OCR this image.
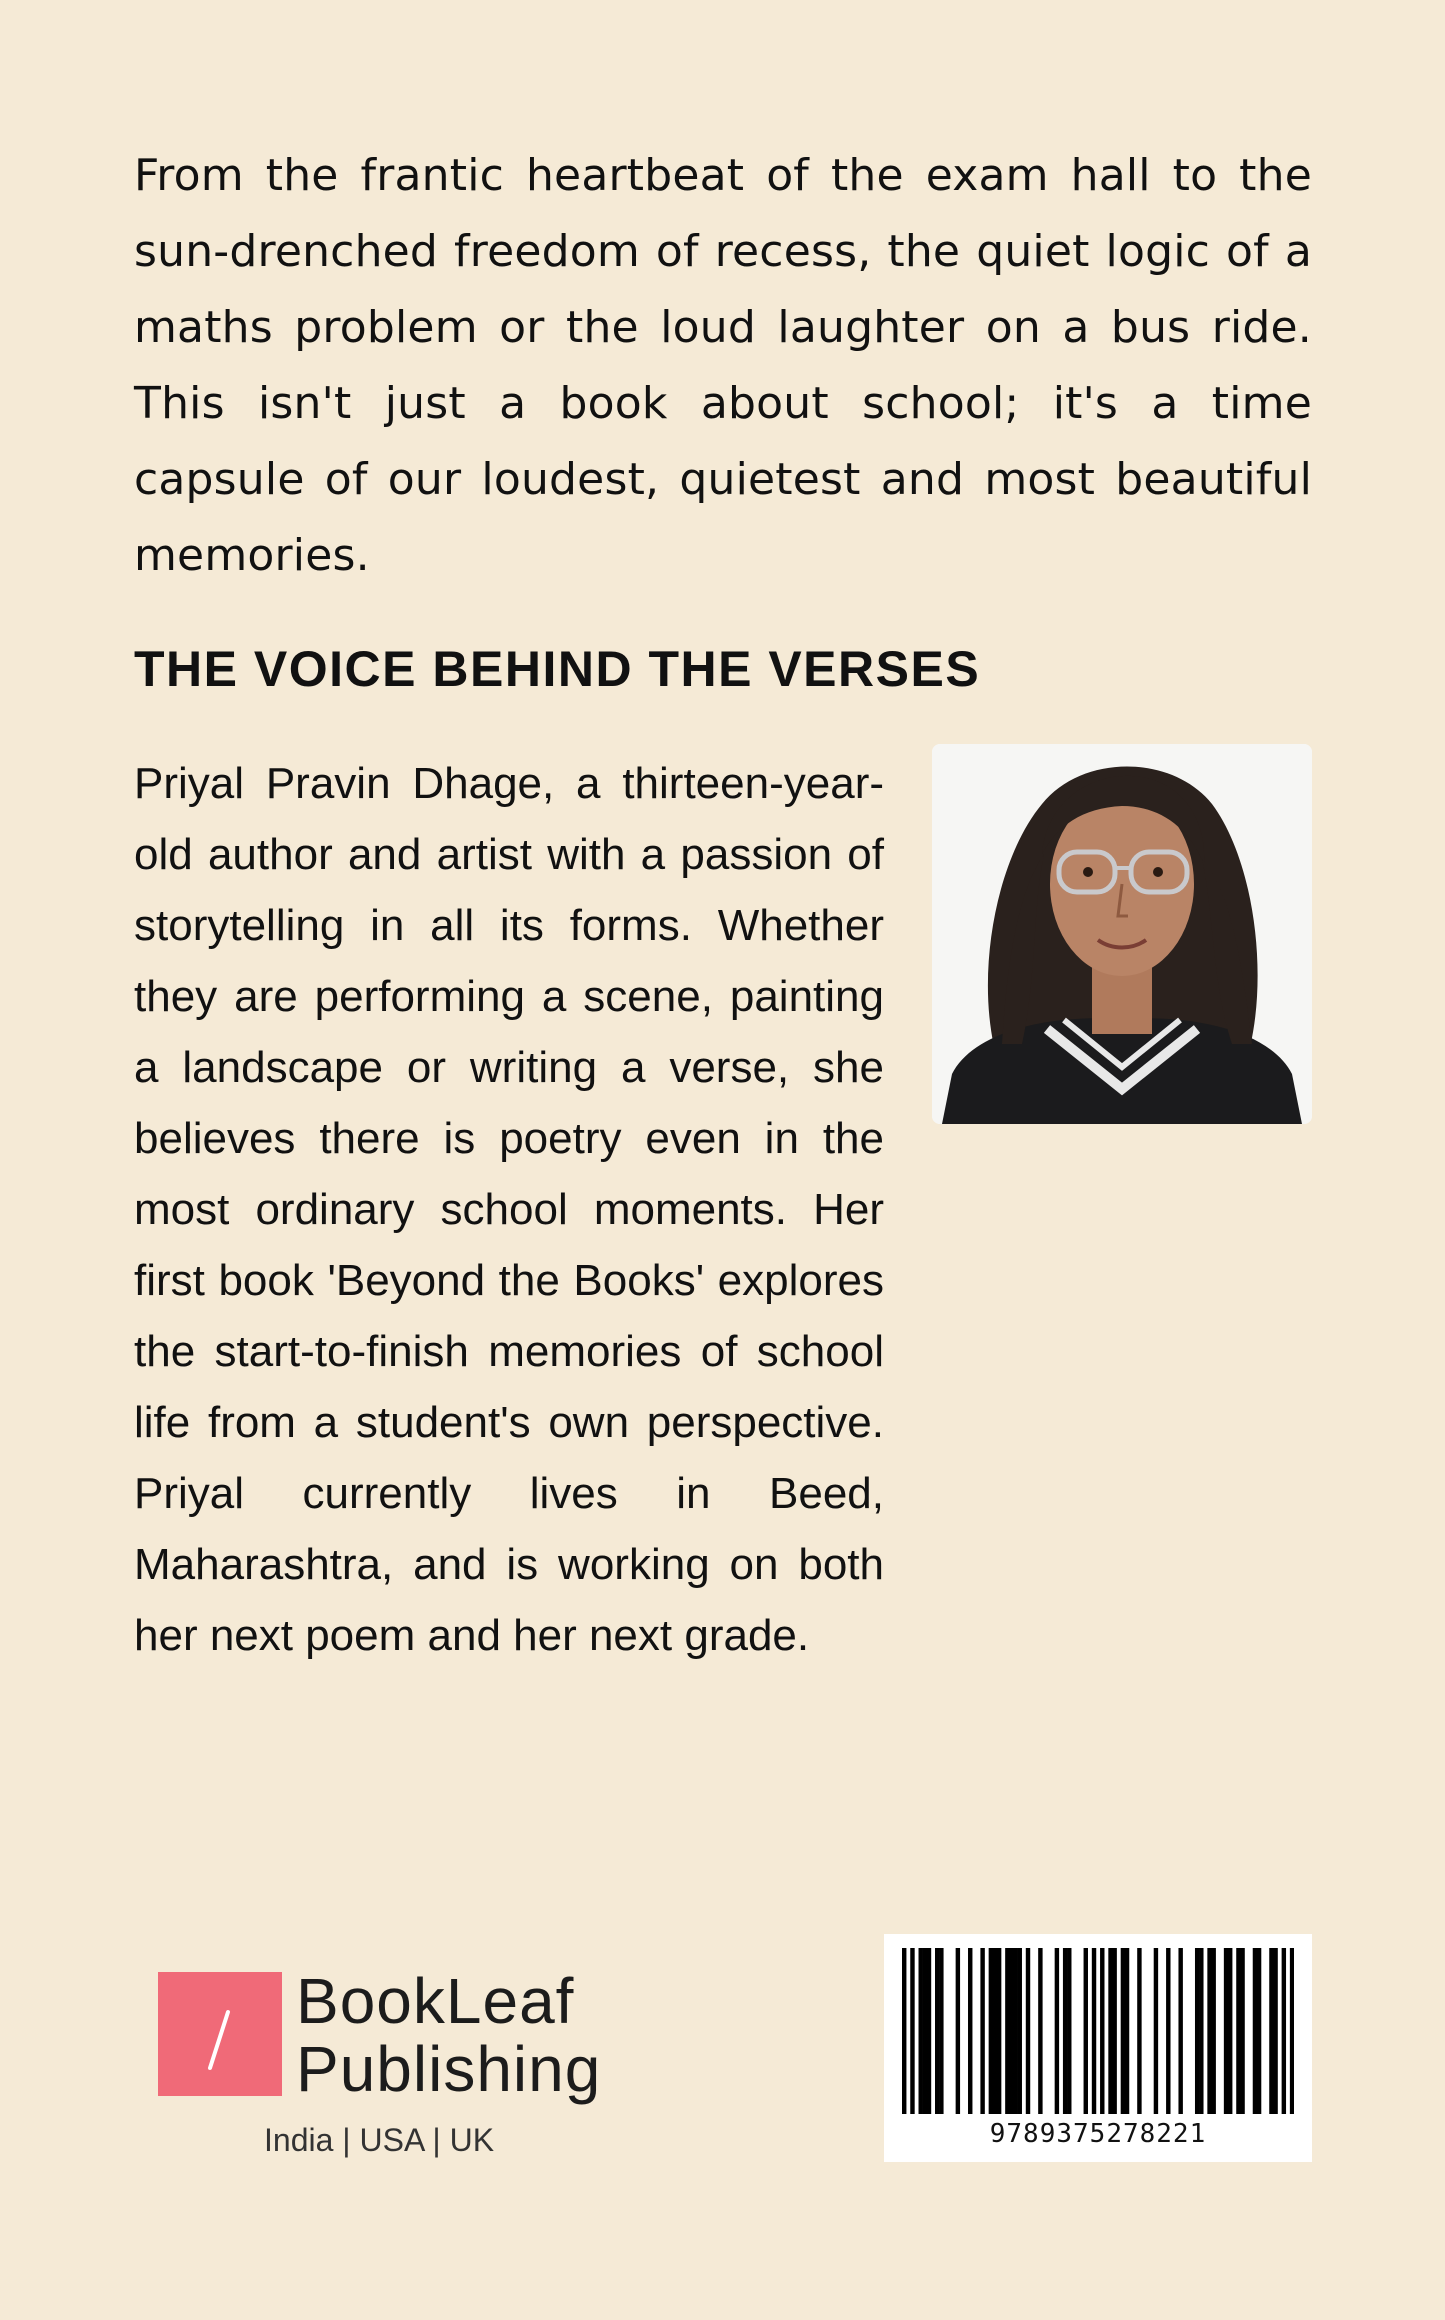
From the frantic heartbeat of the exam hall to the sun-drenched freedom of recess, the quiet logic of a maths problem or the loud laughter on a bus ride. This isn't just a book about school; it's a time capsule of our loudest, quietest and most beautiful memories.

THE VOICE BEHIND THE VERSES

Priyal Pravin Dhage, a thirteen-year-old author and artist with a passion of storytelling in all its forms. Whether they are performing a scene, painting a landscape or writing a verse, she believes there is poetry even in the most ordinary school moments. Her first book 'Beyond the Books' explores the start-to-finish memories of school life from a student's own perspective. Priyal currently lives in Beed, Maharashtra, and is working on both her next poem and her next grade.

BookLeaf
Publishing
India | USA | UK	9789375278221
